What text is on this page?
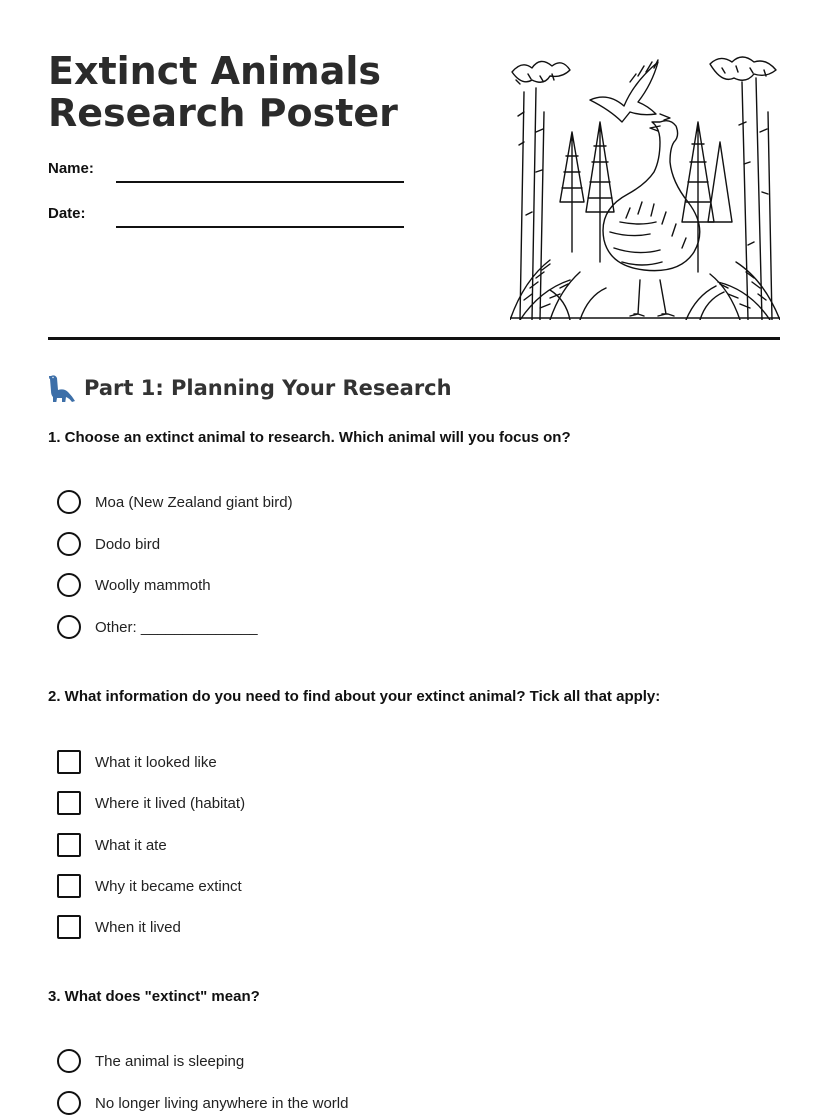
Extinct Animals
Research Poster
Name:
Date:
Part 1: Planning Your Research
1. Choose an extinct animal to research. Which animal will you focus on?
Moa (New Zealand giant bird)
Dodo bird
Woolly mammoth
Other: ______________
2. What information do you need to find about your extinct animal? Tick all that apply:
What it looked like
Where it lived (habitat)
What it ate
Why it became extinct
When it lived
3. What does "extinct" mean?
The animal is sleeping
No longer living anywhere in the world
